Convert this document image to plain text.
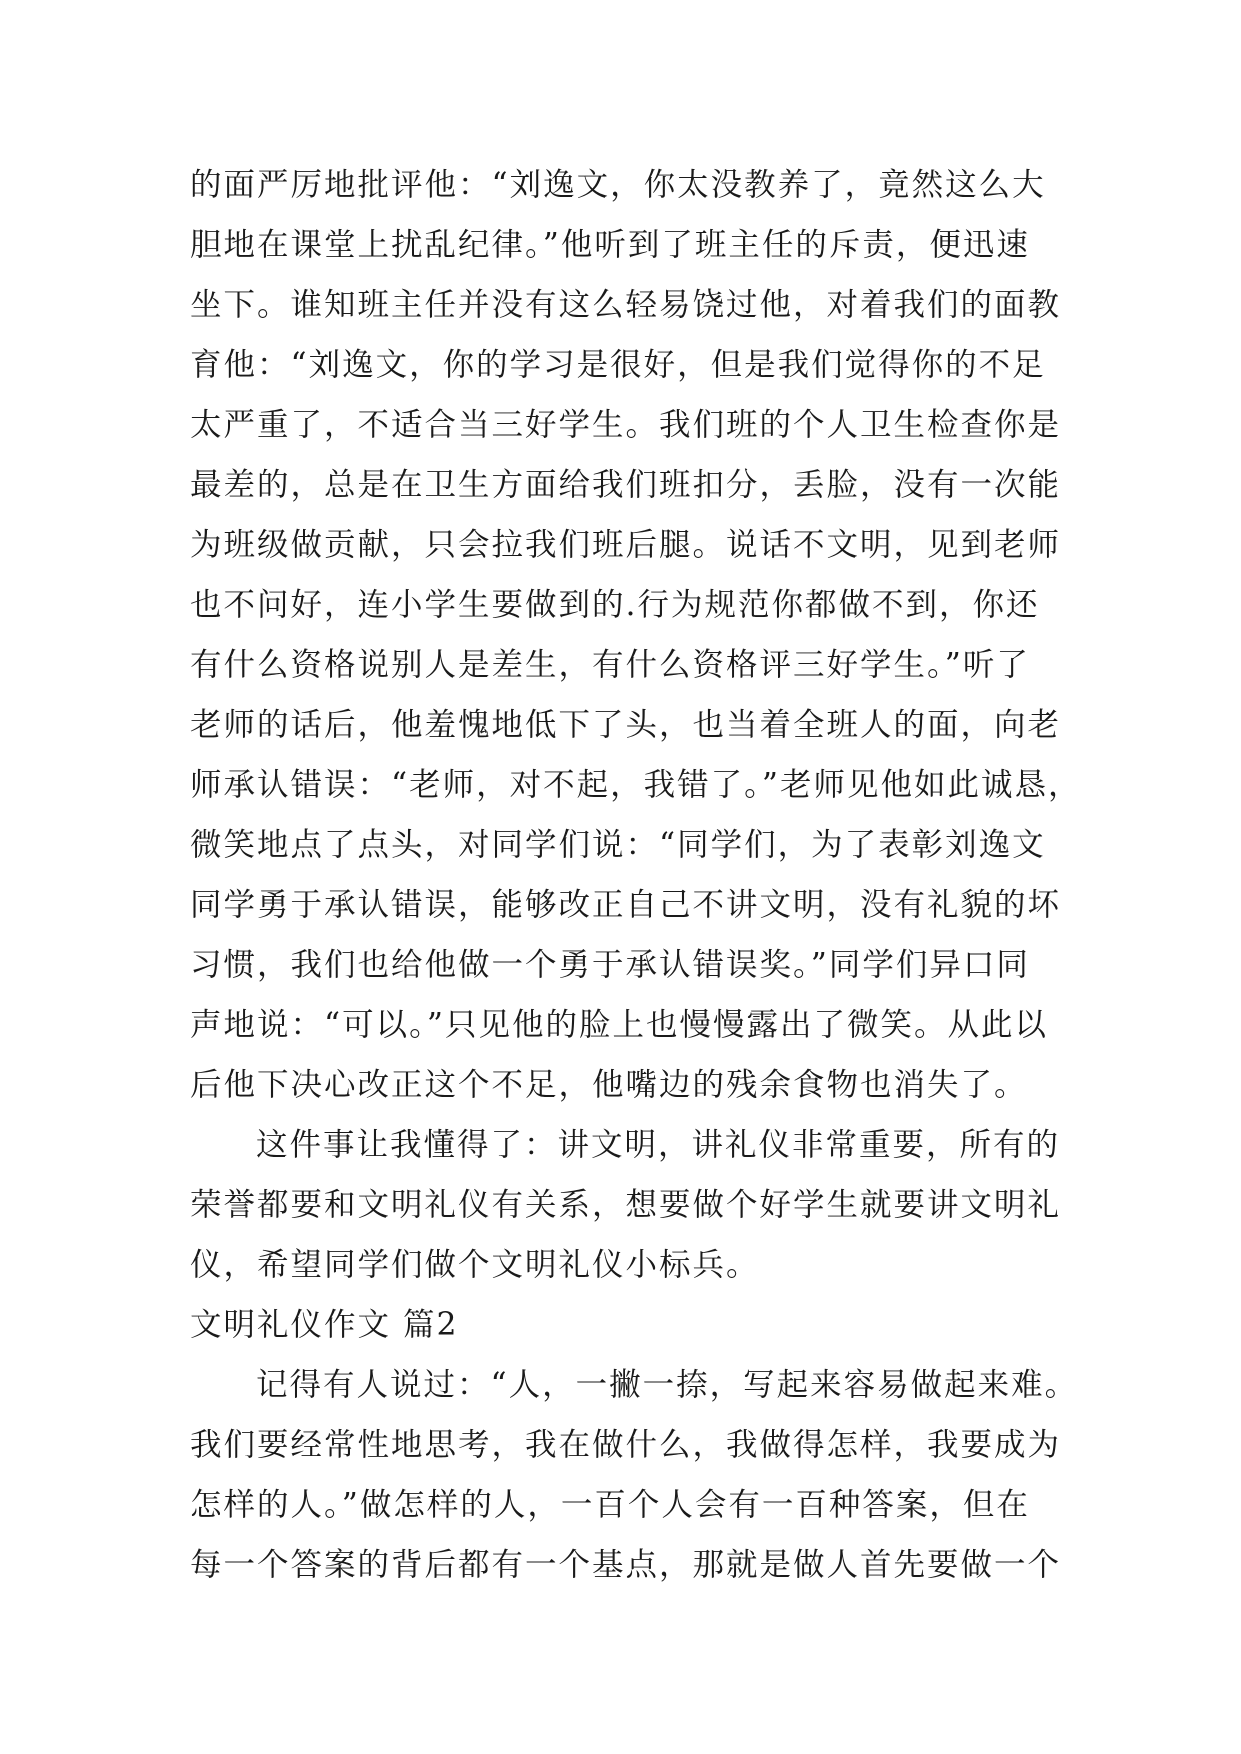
的面严厉地批评他：“刘逸文，你太没教养了，竟然这么大
胆地在课堂上扰乱纪律。”他听到了班主任的斥责，便迅速
坐下。谁知班主任并没有这么轻易饶过他，对着我们的面教
育他：“刘逸文，你的学习是很好，但是我们觉得你的不足
太严重了，不适合当三好学生。我们班的个人卫生检查你是
最差的，总是在卫生方面给我们班扣分，丢脸，没有一次能
为班级做贡献，只会拉我们班后腿。说话不文明，见到老师
也不问好，连小学生要做到的.行为规范你都做不到，你还
有什么资格说别人是差生，有什么资格评三好学生。”听了
老师的话后，他羞愧地低下了头，也当着全班人的面，向老
师承认错误：“老师，对不起，我错了。”老师见他如此诚恳，
微笑地点了点头，对同学们说：“同学们，为了表彰刘逸文
同学勇于承认错误，能够改正自己不讲文明，没有礼貌的坏
习惯，我们也给他做一个勇于承认错误奖。”同学们异口同
声地说：“可以。”只见他的脸上也慢慢露出了微笑。从此以
后他下决心改正这个不足，他嘴边的残余食物也消失了。
这件事让我懂得了：讲文明，讲礼仪非常重要，所有的
荣誉都要和文明礼仪有关系，想要做个好学生就要讲文明礼
仪，希望同学们做个文明礼仪小标兵。
文明礼仪作文 篇2
记得有人说过：“人，一撇一捺，写起来容易做起来难。
我们要经常性地思考，我在做什么，我做得怎样，我要成为
怎样的人。”做怎样的人，一百个人会有一百种答案，但在
每一个答案的背后都有一个基点，那就是做人首先要做一个
